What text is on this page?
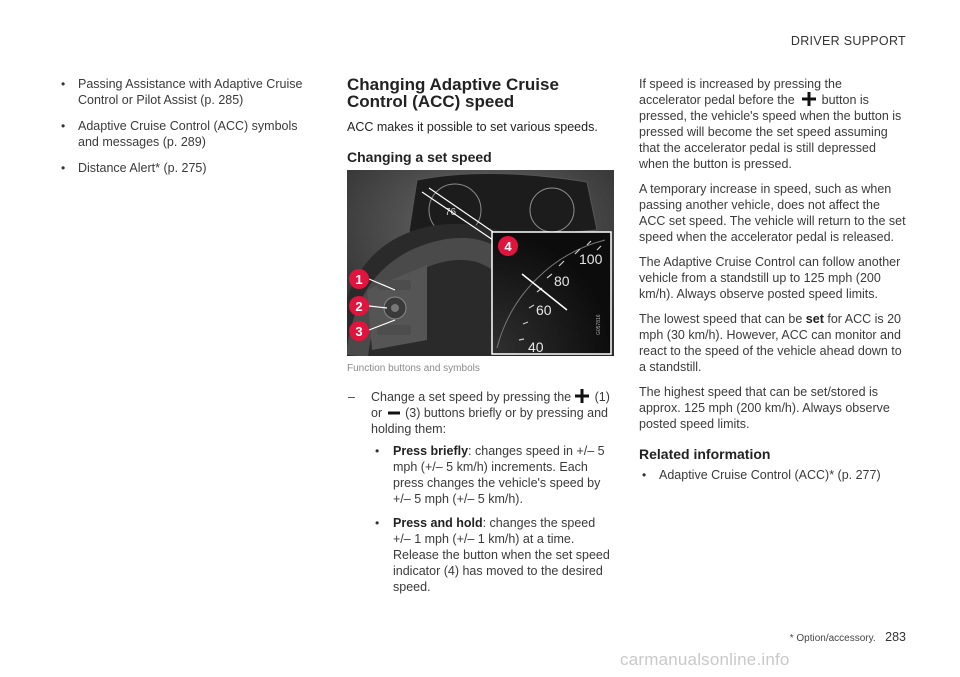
DRIVER SUPPORT
• Passing Assistance with Adaptive Cruise Control or Pilot Assist (p. 285)
• Adaptive Cruise Control (ACC) symbols and messages (p. 289)
• Distance Alert* (p. 275)
Changing Adaptive Cruise Control (ACC) speed

ACC makes it possible to set various speeds.

Changing a set speed
76
100
80
60
40
G057816
1
2
3
4
Function buttons and symbols
– Change a set speed by pressing the (1) or (3) buttons briefly or by pressing and holding them:
• Press briefly: changes speed in +/– 5 mph (+/– 5 km/h) increments. Each press changes the vehicle's speed by +/– 5 mph (+/– 5 km/h).
• Press and hold: changes the speed +/– 1 mph (+/– 1 km/h) at a time. Release the button when the set speed indicator (4) has moved to the desired speed.

If speed is increased by pressing the accelerator pedal before the button is pressed, the vehicle's speed when the button is pressed will become the set speed assuming that the accelerator pedal is still depressed when the button is pressed.

A temporary increase in speed, such as when passing another vehicle, does not affect the ACC set speed. The vehicle will return to the set speed when the accelerator pedal is released.

The Adaptive Cruise Control can follow another vehicle from a standstill up to 125 mph (200 km/h). Always observe posted speed limits.

The lowest speed that can be set for ACC is 20 mph (30 km/h). However, ACC can monitor and react to the speed of the vehicle ahead down to a standstill.

The highest speed that can be set/stored is approx. 125 mph (200 km/h). Always observe posted speed limits.

Related information
• Adaptive Cruise Control (ACC)* (p. 277)
* Option/accessory. 283
carmanualsonline.info
